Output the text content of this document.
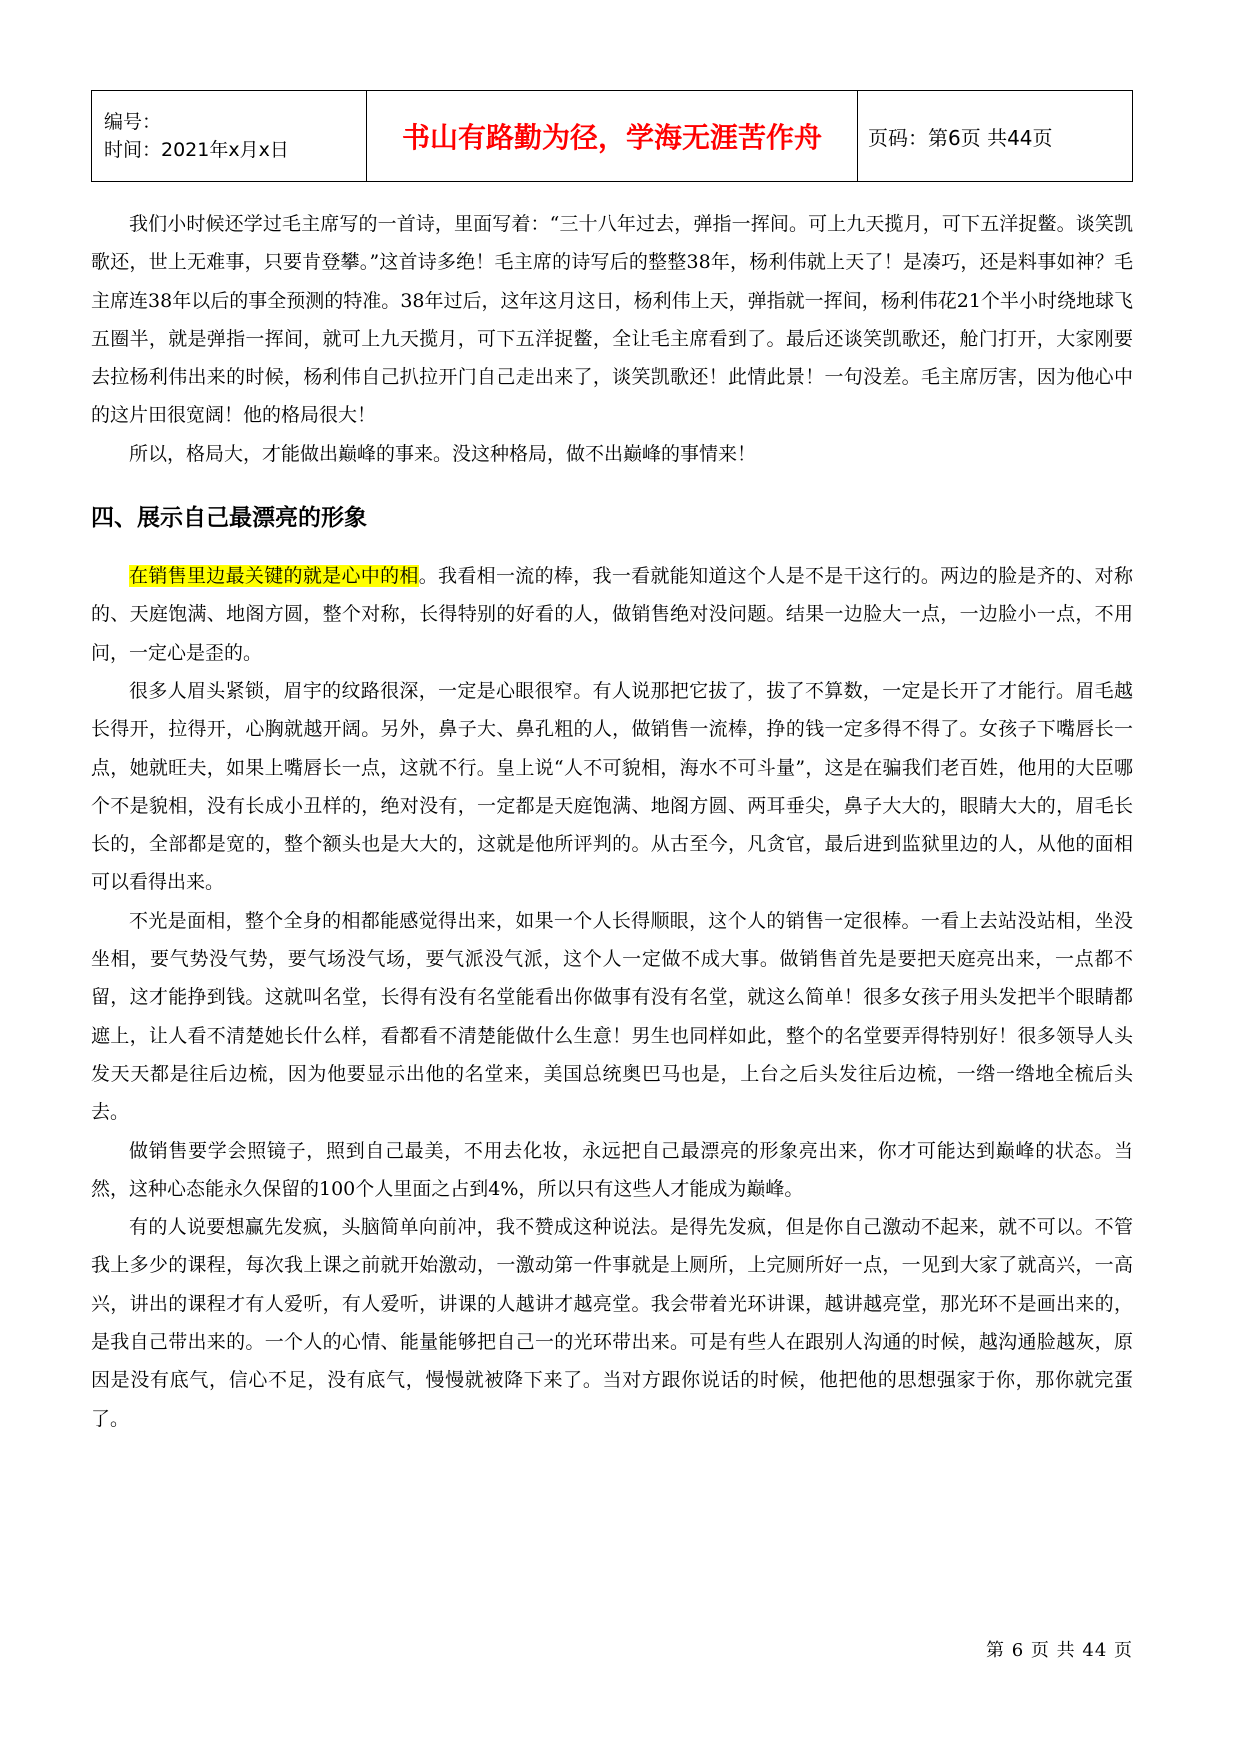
编号：
时间：2021年x月x日	书山有路勤为径，学海无涯苦作舟	页码：第6页 共44页

我们小时候还学过毛主席写的一首诗，里面写着：“三十八年过去，弹指一挥间。可上九天揽月，可下五洋捉鳖。谈笑凯歌还，世上无难事，只要肯登攀。”这首诗多绝！毛主席的诗写后的整整38年，杨利伟就上天了！是凑巧，还是料事如神？毛主席连38年以后的事全预测的特准。38年过后，这年这月这日，杨利伟上天，弹指就一挥间，杨利伟花21个半小时绕地球飞五圈半，就是弹指一挥间，就可上九天揽月，可下五洋捉鳖，全让毛主席看到了。最后还谈笑凯歌还，舱门打开，大家刚要去拉杨利伟出来的时候，杨利伟自己扒拉开门自己走出来了，谈笑凯歌还！此情此景！一句没差。毛主席厉害，因为他心中的这片田很宽阔！他的格局很大！

所以，格局大，才能做出巅峰的事来。没这种格局，做不出巅峰的事情来！

四、展示自己最漂亮的形象

在销售里边最关键的就是心中的相。我看相一流的棒，我一看就能知道这个人是不是干这行的。两边的脸是齐的、对称的、天庭饱满、地阁方圆，整个对称，长得特别的好看的人，做销售绝对没问题。结果一边脸大一点，一边脸小一点，不用问，一定心是歪的。

很多人眉头紧锁，眉宇的纹路很深，一定是心眼很窄。有人说那把它拔了，拔了不算数，一定是长开了才能行。眉毛越长得开，拉得开，心胸就越开阔。另外，鼻子大、鼻孔粗的人，做销售一流棒，挣的钱一定多得不得了。女孩子下嘴唇长一点，她就旺夫，如果上嘴唇长一点，这就不行。皇上说“人不可貌相，海水不可斗量”，这是在骗我们老百姓，他用的大臣哪个不是貌相，没有长成小丑样的，绝对没有，一定都是天庭饱满、地阁方圆、两耳垂尖，鼻子大大的，眼睛大大的，眉毛长长的，全部都是宽的，整个额头也是大大的，这就是他所评判的。从古至今，凡贪官，最后进到监狱里边的人，从他的面相可以看得出来。

不光是面相，整个全身的相都能感觉得出来，如果一个人长得顺眼，这个人的销售一定很棒。一看上去站没站相，坐没坐相，要气势没气势，要气场没气场，要气派没气派，这个人一定做不成大事。做销售首先是要把天庭亮出来，一点都不留，这才能挣到钱。这就叫名堂，长得有没有名堂能看出你做事有没有名堂，就这么简单！很多女孩子用头发把半个眼睛都遮上，让人看不清楚她长什么样，看都看不清楚能做什么生意！男生也同样如此，整个的名堂要弄得特别好！很多领导人头发天天都是往后边梳，因为他要显示出他的名堂来，美国总统奥巴马也是，上台之后头发往后边梳，一绺一绺地全梳后头去。

做销售要学会照镜子，照到自己最美，不用去化妆，永远把自己最漂亮的形象亮出来，你才可能达到巅峰的状态。当然，这种心态能永久保留的100个人里面之占到4%，所以只有这些人才能成为巅峰。

有的人说要想赢先发疯，头脑简单向前冲，我不赞成这种说法。是得先发疯，但是你自己激动不起来，就不可以。不管我上多少的课程，每次我上课之前就开始激动，一激动第一件事就是上厕所，上完厕所好一点，一见到大家了就高兴，一高兴，讲出的课程才有人爱听，有人爱听，讲课的人越讲才越亮堂。我会带着光环讲课，越讲越亮堂，那光环不是画出来的，是我自己带出来的。一个人的心情、能量能够把自己一的光环带出来。可是有些人在跟别人沟通的时候，越沟通脸越灰，原因是没有底气，信心不足，没有底气，慢慢就被降下来了。当对方跟你说话的时候，他把他的思想强家于你，那你就完蛋了。

第 6 页 共 44 页
